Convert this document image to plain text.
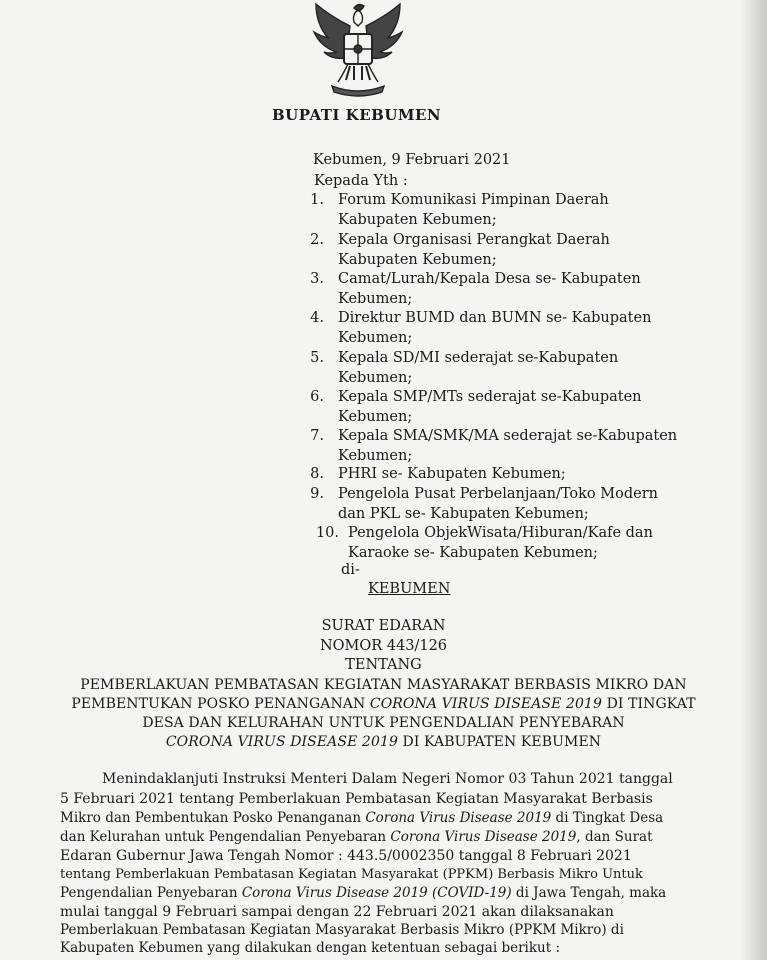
BUPATI KEBUMEN
Kebumen, 9 Februari 2021
Kepada Yth :
1. Forum Komunikasi Pimpinan Daerah
Kabupaten Kebumen;
2. Kepala Organisasi Perangkat Daerah
Kabupaten Kebumen;
3. Camat/Lurah/Kepala Desa se- Kabupaten
Kebumen;
4. Direktur BUMD dan BUMN se- Kabupaten
Kebumen;
5. Kepala SD/MI sederajat se-Kabupaten
Kebumen;
6. Kepala SMP/MTs sederajat se-Kabupaten
Kebumen;
7. Kepala SMA/SMK/MA sederajat se-Kabupaten
Kebumen;
8. PHRI se- Kabupaten Kebumen;
9. Pengelola Pusat Perbelanjaan/Toko Modern
dan PKL se- Kabupaten Kebumen;
10. Pengelola ObjekWisata/Hiburan/Kafe dan
Karaoke se- Kabupaten Kebumen;
di-
KEBUMEN
SURAT EDARAN
NOMOR 443/126
TENTANG
PEMBERLAKUAN PEMBATASAN KEGIATAN MASYARAKAT BERBASIS MIKRO DAN
PEMBENTUKAN POSKO PENANGANAN CORONA VIRUS DISEASE 2019 DI TINGKAT
DESA DAN KELURAHAN UNTUK PENGENDALIAN PENYEBARAN
CORONA VIRUS DISEASE 2019 DI KABUPATEN KEBUMEN
Menindaklanjuti Instruksi Menteri Dalam Negeri Nomor 03 Tahun 2021 tanggal
5 Februari 2021 tentang Pemberlakuan Pembatasan Kegiatan Masyarakat Berbasis
Mikro dan Pembentukan Posko Penanganan Corona Virus Disease 2019 di Tingkat Desa
dan Kelurahan untuk Pengendalian Penyebaran Corona Virus Disease 2019, dan Surat
Edaran Gubernur Jawa Tengah Nomor : 443.5/0002350 tanggal 8 Februari 2021
tentang Pemberlakuan Pembatasan Kegiatan Masyarakat (PPKM) Berbasis Mikro Untuk
Pengendalian Penyebaran Corona Virus Disease 2019 (COVID-19) di Jawa Tengah, maka
mulai tanggal 9 Februari sampai dengan 22 Februari 2021 akan dilaksanakan
Pemberlakuan Pembatasan Kegiatan Masyarakat Berbasis Mikro (PPKM Mikro) di
Kabupaten Kebumen yang dilakukan dengan ketentuan sebagai berikut :
